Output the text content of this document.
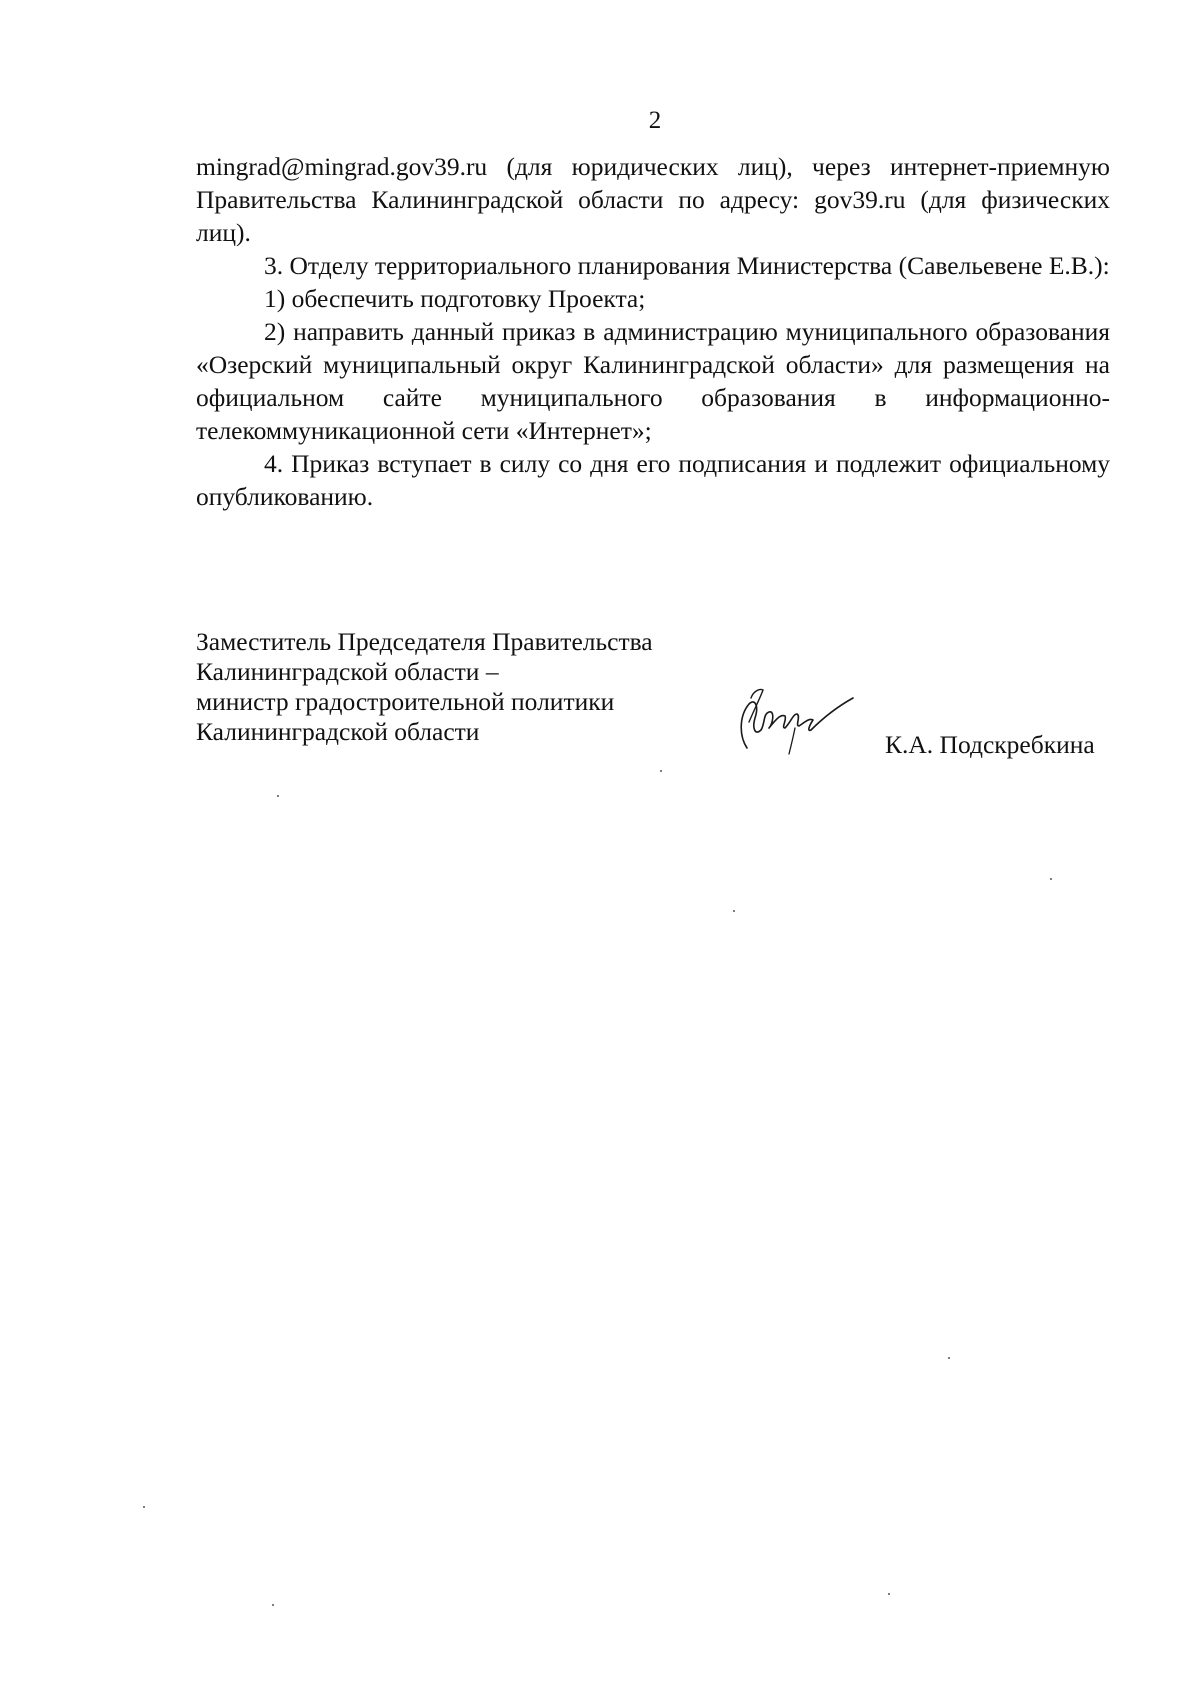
2

mingrad@mingrad.gov39.ru (для юридических лиц), через интернет-приемную Правительства Калининградской области по адресу: gov39.ru (для физических лиц).

3. Отделу территориального планирования Министерства (Савельевене Е.В.):

1) обеспечить подготовку Проекта;

2) направить данный приказ в администрацию муниципального образования «Озерский муниципальный округ Калининградской области» для размещения на официальном сайте муниципального образования в информационно-телекоммуникационной сети «Интернет»;

4. Приказ вступает в силу со дня его подписания и подлежит официальному опубликованию.

Заместитель Председателя Правительства
Калининградской области –
министр градостроительной политики
Калининградской области	К.А. Подскребкина
